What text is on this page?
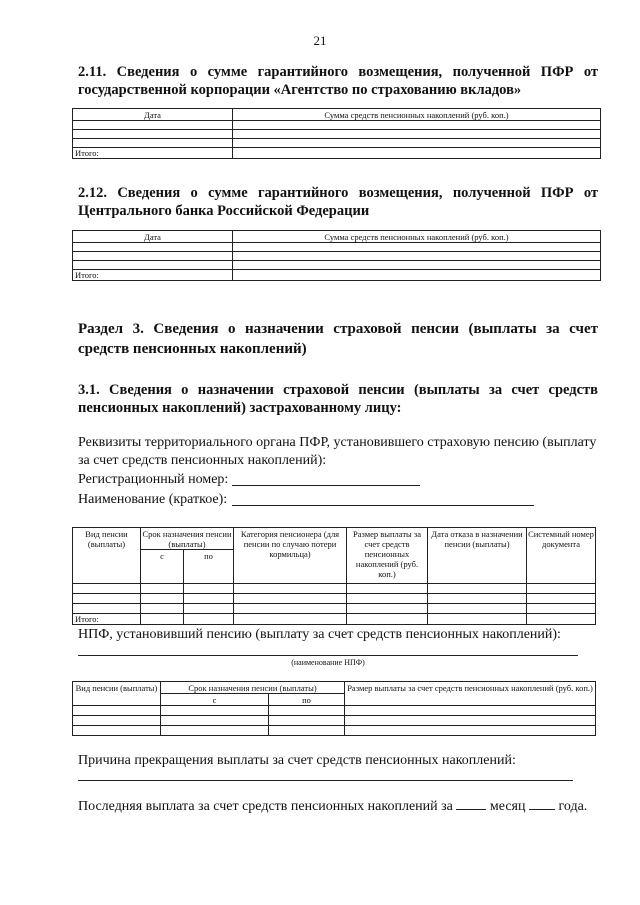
21
2.11. Сведения о сумме гарантийного возмещения, полученной ПФР от государственной корпорации «Агентство по страхованию вкладов»
Дата	Сумма средств пенсионных накоплений (руб. коп.)

Итого:	
2.12. Сведения о сумме гарантийного возмещения, полученной ПФР от Центрального банка Российской Федерации
Дата	Сумма средств пенсионных накоплений (руб. коп.)

Итого:	
Раздел 3. Сведения о назначении страховой пенсии (выплаты за счет средств пенсионных накоплений)
3.1. Сведения о назначении страховой пенсии (выплаты за счет средств пенсионных накоплений) застрахованному лицу:
Реквизиты территориального органа ПФР, установившего страховую пенсию (выплату за счет средств пенсионных накоплений):
Регистрационный номер:
Наименование (краткое):
Вид пенсии (выплаты)	Срок назначения пенсии (выплаты)		Категория пенсионера (для пенсии по случаю потери кормильца)	Размер выплаты за счет средств пенсионных накоплений (руб. коп.)	Дата отказа в назначении пенсии (выплаты)	Системный номер документа
	с	по				

Итого:						
НПФ, установивший пенсию (выплату за счет средств пенсионных накоплений):
(наименование НПФ)
Вид пенсии (выплаты)	Срок назначения пенсии (выплаты)		Размер выплаты за счет средств пенсионных накоплений (руб. коп.)
	с	по	

Причина прекращения выплаты за счет средств пенсионных накоплений:
Последняя выплата за счет средств пенсионных накоплений за	месяц года.
